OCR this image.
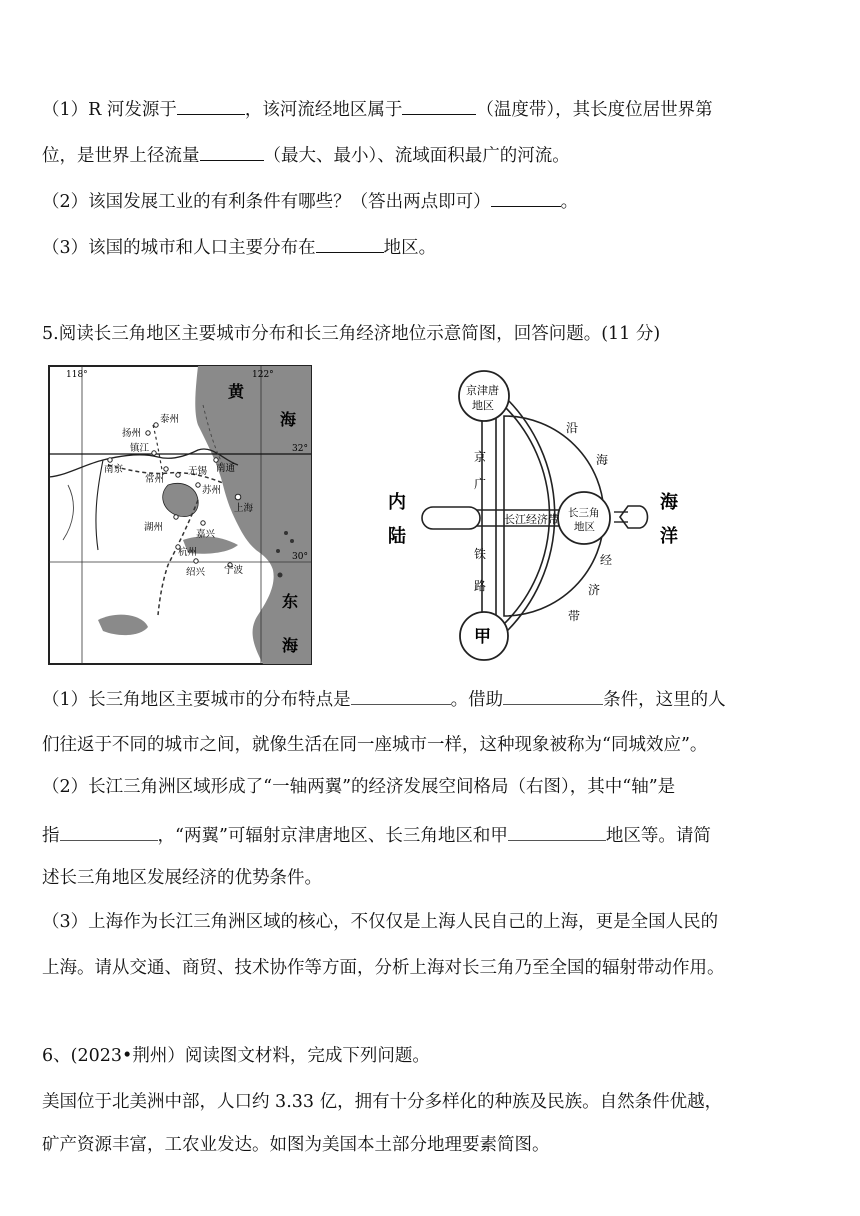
（1）R 河发源于	，该河流经地区属于	（温度带），其长度位居世界第
位，是世界上径流量	（最大、最小）、流域面积最广的河流。
（2）该国发展工业的有利条件有哪些？（答出两点即可）	。
（3）该国的城市和人口主要分布在	地区。
5.阅读长三角地区主要城市分布和长三角经济地位示意简图，回答问题。(11 分)
118°	122°
32°
30°
黄
海
东
海
泰州
扬州
镇江
南通
南京
常州
无锡
苏州
上海
湖州
嘉兴
杭州
宁波
绍兴
京津唐
地区
京
广
铁
路
长江经济带 长三角
地区
内
陆
海
洋
沿
海
经
济
带
甲
（1）长三角地区主要城市的分布特点是	。借助	条件，这里的人
们往返于不同的城市之间，就像生活在同一座城市一样，这种现象被称为“同城效应”。
（2）长江三角洲区域形成了“一轴两翼”的经济发展空间格局（右图），其中“轴”是
指	，“两翼”可辐射京津唐地区、长三角地区和甲	地区等。请简
述长三角地区发展经济的优势条件。
（3）上海作为长江三角洲区域的核心，不仅仅是上海人民自己的上海，更是全国人民的
上海。请从交通、商贸、技术协作等方面，分析上海对长三角乃至全国的辐射带动作用。
6、(2023•荆州）阅读图文材料，完成下列问题。
美国位于北美洲中部，人口约 3.33 亿，拥有十分多样化的种族及民族。自然条件优越，
矿产资源丰富，工农业发达。如图为美国本土部分地理要素简图。
